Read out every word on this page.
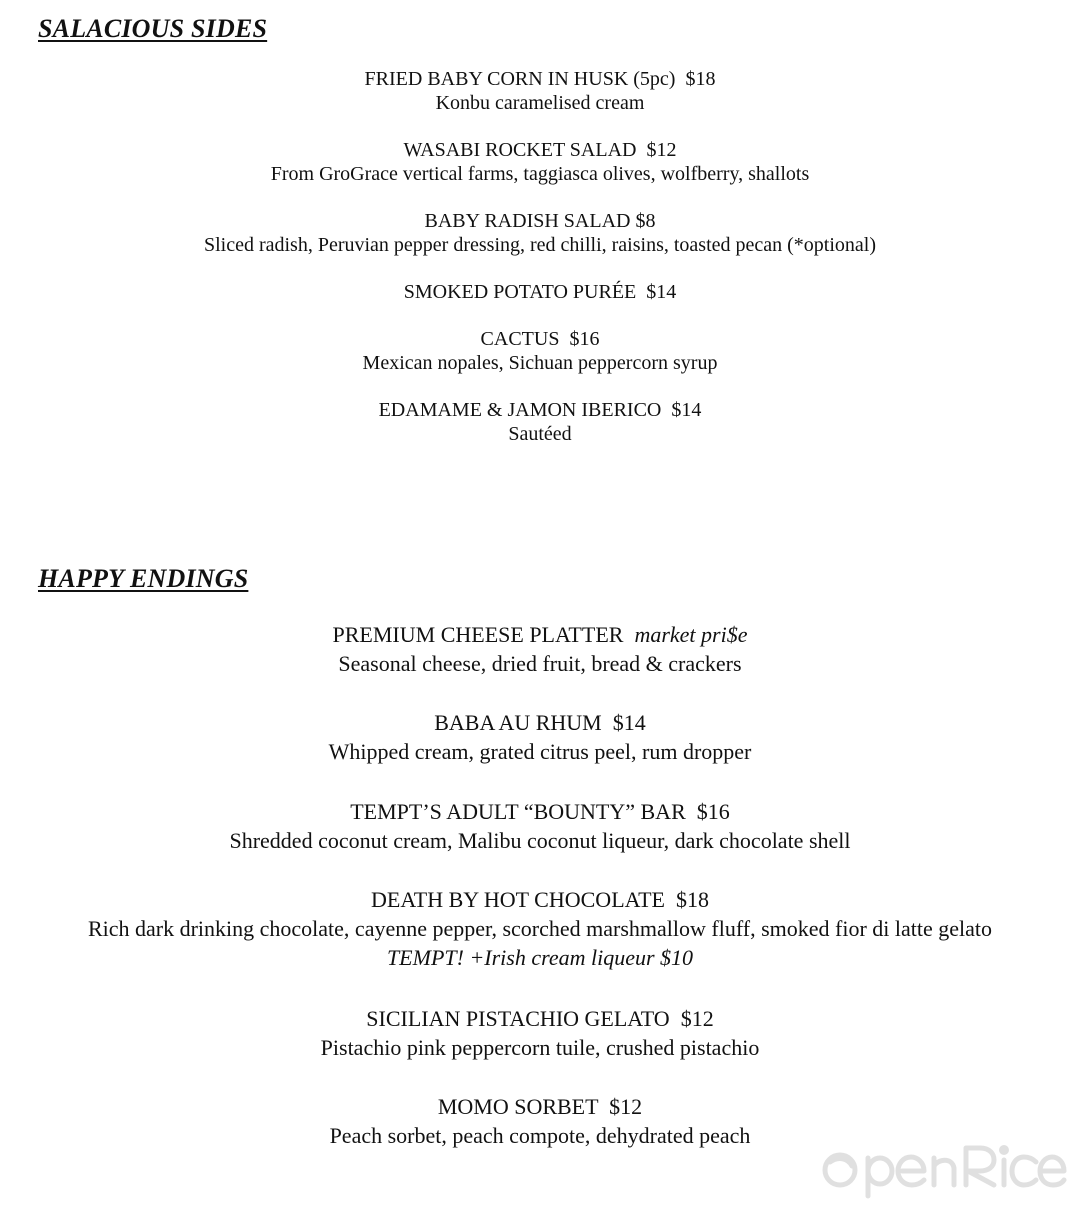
SALACIOUS SIDES
FRIED BABY CORN IN HUSK (5pc) $18
Konbu caramelised cream
WASABI ROCKET SALAD $12
From GroGrace vertical farms, taggiasca olives, wolfberry, shallots
BABY RADISH SALAD $8
Sliced radish, Peruvian pepper dressing, red chilli, raisins, toasted pecan (*optional)
SMOKED POTATO PURÉE $14
CACTUS $16
Mexican nopales, Sichuan peppercorn syrup
EDAMAME & JAMON IBERICO $14
Sautéed
HAPPY ENDINGS
PREMIUM CHEESE PLATTER market pri$e
Seasonal cheese, dried fruit, bread & crackers
BABA AU RHUM $14
Whipped cream, grated citrus peel, rum dropper
TEMPT’S ADULT “BOUNTY” BAR $16
Shredded coconut cream, Malibu coconut liqueur, dark chocolate shell
DEATH BY HOT CHOCOLATE $18
Rich dark drinking chocolate, cayenne pepper, scorched marshmallow fluff, smoked fior di latte gelato
TEMPT! +Irish cream liqueur $10
SICILIAN PISTACHIO GELATO $12
Pistachio pink peppercorn tuile, crushed pistachio
MOMO SORBET $12
Peach sorbet, peach compote, dehydrated peach
